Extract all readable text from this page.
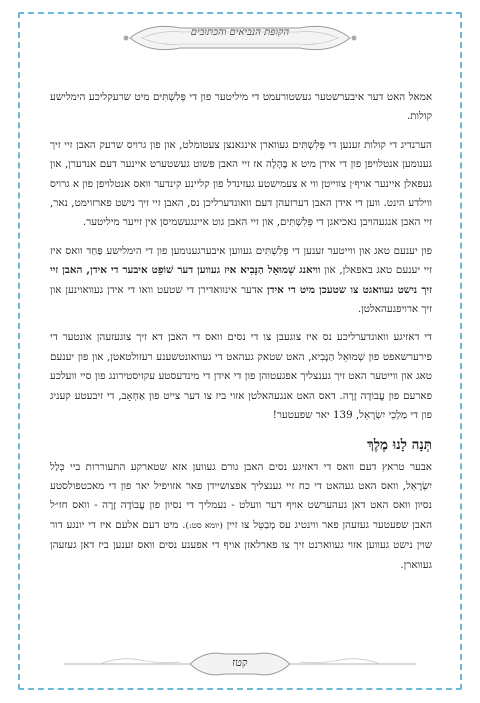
הקופת הנביאים והכתובים

אמאל האט דער איבערשטער געשטורעמט די מיליטער פון די פְּלִשְׁתִּים מיט שרעקליכע הימלישע קולות.

הערנדיג די קולות זענען די פְּלִשְׁתִּים געווארן אינגאנצן צעטומלט, און פון גרויס שרעק האבן זיי זיך גענומען אנטלויפן פון די אידן מיט א בֶּהָלָה אז זיי האבן פשוט געשטערט איינער דעם אנדערן, און געפאלן איינער אויף׳ן צווייטן ווי א צעמישטע געזינדל פון קליינע קינדער וואס אנטלויפן פון א גרויס ווילדע הינט. ווען די אידן האבן דערזעהן דעם וואונדערליכן נס, האבן זיי זיך נישט פארזוימט, נאר, זיי האבן אנגעהויבן נאכיאגן די פְּלִשְׁתִּים, און זיי האבן גוט איינגעשמיסן אין זייער מיליטער.

פון יענעם טאג און ווייטער זענען די פְּלִשְׁתִּים געווען איבערגענומען פון די הימלישע פַּחַד וואס איז זיי יענעם טאג באפאלן, און וויאנג שְׁמוּאֵל הַנָּבִיא איז געווען דער שׁוֹפֵט איבער די אידן, האבן זיי זיך נישט געוואגט צו שטעכן מיט די אידן אדער אינוואדירן די שטעט וואו די אידן געוואוינען און זיך ארויפגעהאלטן.

די דאזיגע וואונדערליכע נס איז צוגעבן צו די נסים וואס די האבן דא זיך צוגעזעהן אונטער די פירערשאפט פון שְׁמוּאֵל הַנָּבִיא, האט שטאק געהאט די געוואונטשענע רעזולטאטן, און פון יענעם טאג און ווייטער האט זיך גענצליך אפגעטוהן פון די אידן די מינדעסטע עקזיסטירונג פון סיי וועלכע פארעם פון עֲבוֹדָה זָרָה. דאס האט אנגעהאלטן אזוי ביז צו דער צייט פון אַחְאָב, די זיבעטע קעניג פון די מַלְכֵי יִשְׂרָאֵל, 139 יאר שפעטער!

תְּנָה לָנוּ מֶלֶךְ

אבער טראץ דעם וואס די דאזיגע נסים האבן גורם געווען אזא שטארקע התעוררות ביי כְּלַל יִשְׂרָאֵל, וואס האט געהאט די כח זיי גענצליך אפצושיידן פאר אזויפיל יאר פון די מאכטפולסטע נסיון וואס האט דאן געהערשט אויף דער וועלט - נעמליך די נסיון פון עֲבוֹדָה זָרָה - וואס חז״ל האבן שפעטער געזעהן פאר ווינטיג עס מְבַטֵּל צו זיין (יומא סט:). מיט דעם אלעם איז די יונגע דור שוין נישט געווען אזוי געווארנט זיך צו פארלאזן אויף די אפענע נסים וואס זענען ביז דאן געזעהן געווארן.

קטז
